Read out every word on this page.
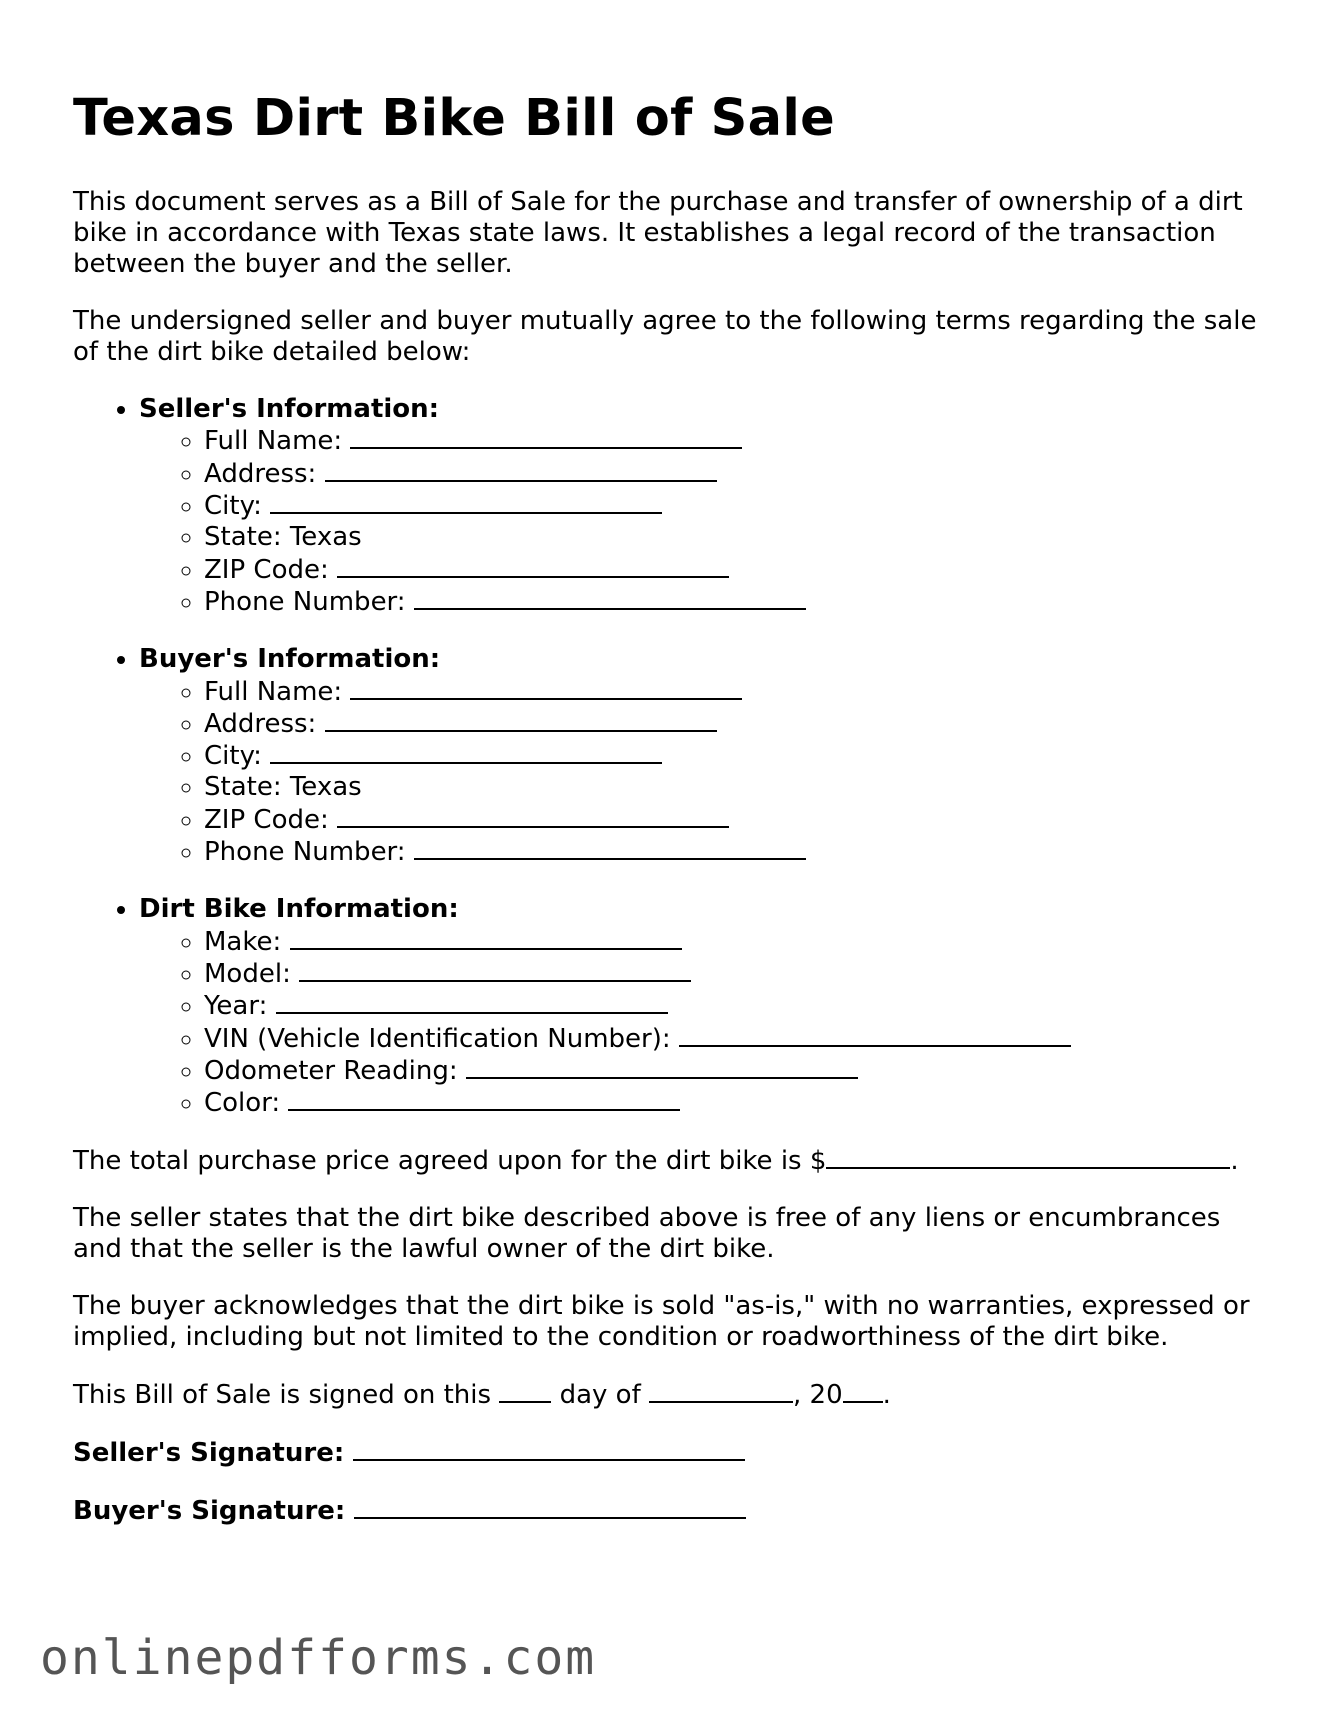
Texas Dirt Bike Bill of Sale

This document serves as a Bill of Sale for the purchase and transfer of ownership of a dirt bike in accordance with Texas state laws. It establishes a legal record of the transaction between the buyer and the seller.

The undersigned seller and buyer mutually agree to the following terms regarding the sale of the dirt bike detailed below:

• Seller's Information:
◦ Full Name:
◦ Address:
◦ City:
◦ State: Texas
◦ ZIP Code:
◦ Phone Number:
• Buyer's Information:
◦ Full Name:
◦ Address:
◦ City:
◦ State: Texas
◦ ZIP Code:
◦ Phone Number:
• Dirt Bike Information:
◦ Make:
◦ Model:
◦ Year:
◦ VIN (Vehicle Identification Number):
◦ Odometer Reading:
◦ Color:

The total purchase price agreed upon for the dirt bike is $	.

The seller states that the dirt bike described above is free of any liens or encumbrances and that the seller is the lawful owner of the dirt bike.

The buyer acknowledges that the dirt bike is sold "as-is," with no warranties, expressed or implied, including but not limited to the condition or roadworthiness of the dirt bike.

This Bill of Sale is signed on this	day of	, 20 .

Seller's Signature:

Buyer's Signature:

onlinepdfforms.com
